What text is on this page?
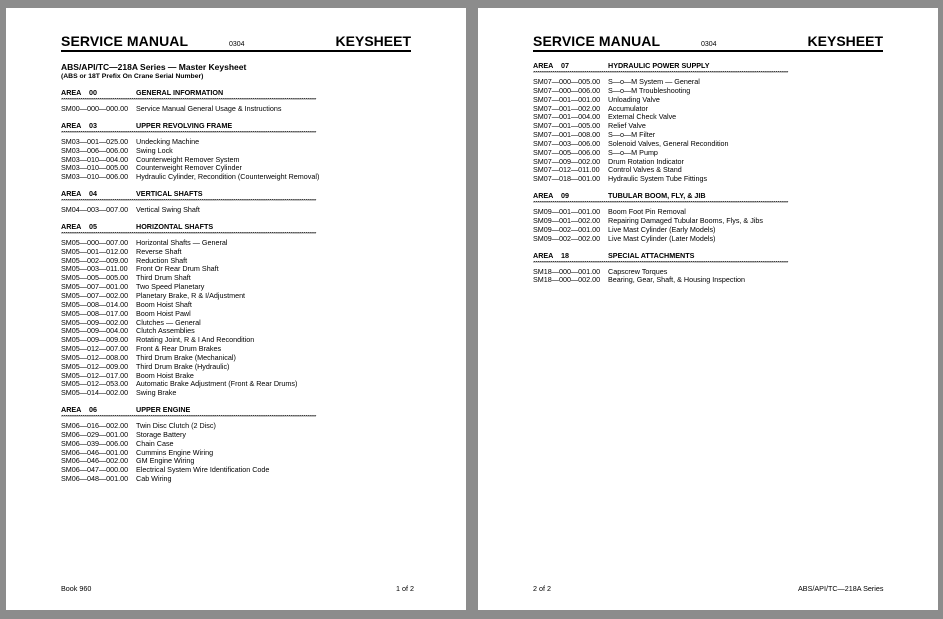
SERVICE MANUAL	0304	KEYSHEET
ABS/API/TC—218A Series — Master Keysheet
(ABS or 18T Prefix On Crane Serial Number)
AREA 00	GENERAL INFORMATION
************************************************************************************************************************
SM00—000—000.00 Service Manual General Usage & Instructions
AREA 03	UPPER REVOLVING FRAME
************************************************************************************************************************
SM03—001—025.00 Undecking Machine
SM03—006—006.00 Swing Lock
SM03—010—004.00 Counterweight Remover System
SM03—010—005.00 Counterweight Remover Cylinder
SM03—010—006.00 Hydraulic Cylinder, Recondition (Counterweight Removal)
AREA 04	VERTICAL SHAFTS
************************************************************************************************************************
SM04—003—007.00 Vertical Swing Shaft
AREA 05	HORIZONTAL SHAFTS
************************************************************************************************************************
SM05—000—007.00 Horizontal Shafts — General
SM05—001—012.00 Reverse Shaft
SM05—002—009.00 Reduction Shaft
SM05—003—011.00 Front Or Rear Drum Shaft
SM05—005—005.00 Third Drum Shaft
SM05—007—001.00 Two Speed Planetary
SM05—007—002.00 Planetary Brake, R & I/Adjustment
SM05—008—014.00 Boom Hoist Shaft
SM05—008—017.00 Boom Hoist Pawl
SM05—009—002.00 Clutches — General
SM05—009—004.00 Clutch Assemblies
SM05—009—009.00 Rotating Joint, R & I And Recondition
SM05—012—007.00 Front & Rear Drum Brakes
SM05—012—008.00 Third Drum Brake (Mechanical)
SM05—012—009.00 Third Drum Brake (Hydraulic)
SM05—012—017.00 Boom Hoist Brake
SM05—012—053.00 Automatic Brake Adjustment (Front & Rear Drums)
SM05—014—002.00 Swing Brake
AREA 06	UPPER ENGINE
************************************************************************************************************************
SM06—016—002.00 Twin Disc Clutch (2 Disc)
SM06—029—001.00 Storage Battery
SM06—039—006.00 Chain Case
SM06—046—001.00 Cummins Engine Wiring
SM06—046—002.00 GM Engine Wiring
SM06—047—000.00 Electrical System Wire Identification Code
SM06—048—001.00 Cab Wiring
Book 960	1 of 2
SERVICE MANUAL	0304	KEYSHEET
AREA 07	HYDRAULIC POWER SUPPLY
************************************************************************************************************************
SM07—000—005.00 S—o—M System — General
SM07—000—006.00 S—o—M Troubleshooting
SM07—001—001.00 Unloading Valve
SM07—001—002.00 Accumulator
SM07—001—004.00 External Check Valve
SM07—001—005.00 Relief Valve
SM07—001—008.00 S—o—M Filter
SM07—003—006.00 Solenoid Valves, General Recondition
SM07—005—006.00 S—o—M Pump
SM07—009—002.00 Drum Rotation Indicator
SM07—012—011.00 Control Valves & Stand
SM07—018—001.00 Hydraulic System Tube Fittings
AREA 09	TUBULAR BOOM, FLY, & JIB
************************************************************************************************************************
SM09—001—001.00 Boom Foot Pin Removal
SM09—001—002.00 Repairing Damaged Tubular Booms, Flys, & Jibs
SM09—002—001.00 Live Mast Cylinder (Early Models)
SM09—002—002.00 Live Mast Cylinder (Later Models)
AREA 18	SPECIAL ATTACHMENTS
************************************************************************************************************************
SM18—000—001.00 Capscrew Torques
SM18—000—002.00 Bearing, Gear, Shaft, & Housing Inspection
2 of 2	ABS/API/TC—218A Series
